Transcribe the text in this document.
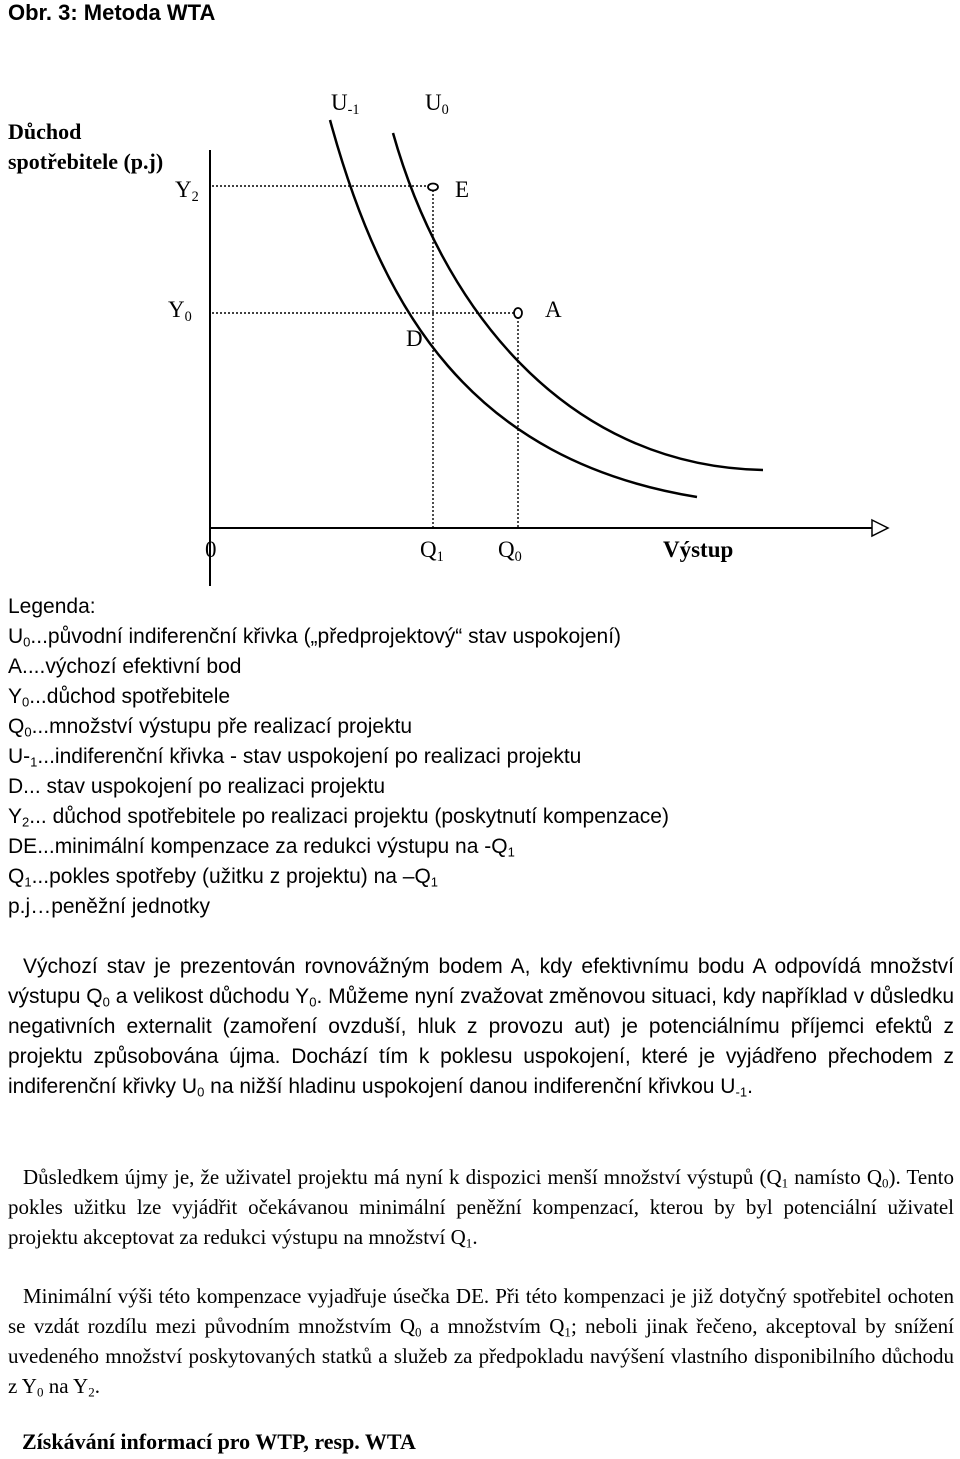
Obr. 3: Metoda WTA
Důchod
spotřebitele (p.j)
$U_{-1}$	$U_0$
$Y_2$	E
$Y_0$	A
D
0	$Q_1$ $Q_0$	Výstup
Legenda:
$U_0...původní$ indiferenční křivka („předprojektový“ stav uspokojení)
A....výchozí efektivní bod
$Y_0...důchod$ spotřebitele
$Q_0...množství$ výstupu pře realizací projektu
$U-_1...indiferenční$ křivka - stav uspokojení po realizaci projektu
D... stav uspokojení po realizaci projektu
$Y_2$... důchod spotřebitele po realizaci projektu (poskytnutí kompenzace)
DE...minimální kompenzace za redukci výstupu na $-Q_1$
$Q_1...pokles$ spotřeby (užitku z projektu) na $-Q_1$
p.j…peněžní jednotky
Výchozí stav je prezentován rovnovážným bodem A, kdy efektivnímu bodu A odpovídá množství výstupu $Q_0$ a velikost důchodu $Y_0$. Můžeme nyní zvažovat změnovou situaci, kdy například v důsledku negativních externalit (zamoření ovzduší, hluk z provozu aut) je potenciálnímu příjemci efektů z projektu způsobována újma. Dochází tím k poklesu uspokojení, které je vyjádřeno přechodem z indiferenční křivky $U_0$ na nižší hladinu uspokojení danou indiferenční křivkou $U_{-1}$.
Důsledkem újmy je, že uživatel projektu má nyní k dispozici menší množství výstupů ($Q_1$ namísto $Q_0$). Tento pokles užitku lze vyjádřit očekávanou minimální peněžní kompenzací, kterou by byl potenciální uživatel projektu akceptovat za redukci výstupu na množství $Q_1$.
Minimální výši této kompenzace vyjadřuje úsečka DE. Při této kompenzaci je již dotyčný spotřebitel ochoten se vzdát rozdílu mezi původním množstvím $Q_0$ a množstvím $Q_1$; neboli jinak řečeno, akceptoval by snížení uvedeného množství poskytovaných statků a služeb za předpokladu navýšení vlastního disponibilního důchodu z $Y_0$ na $Y_2$.
Získávání informací pro WTP, resp. WTA
